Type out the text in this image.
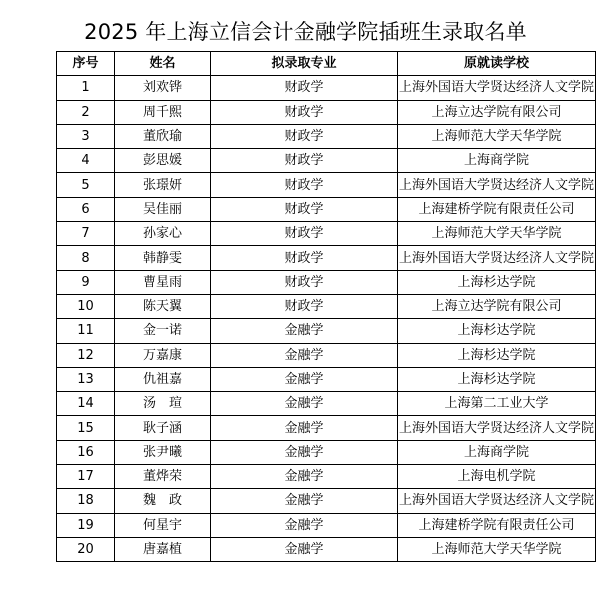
2025 年上海立信会计金融学院插班生录取名单
序号	姓名	拟录取专业	原就读学校
1	刘欢铧	财政学	上海外国语大学贤达经济人文学院
2	周千熙	财政学	上海立达学院有限公司
3	董欣瑜	财政学	上海师范大学天华学院
4	彭思媛	财政学	上海商学院
5	张璟妍	财政学	上海外国语大学贤达经济人文学院
6	吴佳丽	财政学	上海建桥学院有限责任公司
7	孙家心	财政学	上海师范大学天华学院
8	韩静雯	财政学	上海外国语大学贤达经济人文学院
9	曹星雨	财政学	上海杉达学院
10	陈天翼	财政学	上海立达学院有限公司
11	金一诺	金融学	上海杉达学院
12	万嘉康	金融学	上海杉达学院
13	仇祖嘉	金融学	上海杉达学院
14	汤　瑄	金融学	上海第二工业大学
15	耿子涵	金融学	上海外国语大学贤达经济人文学院
16	张尹曦	金融学	上海商学院
17	董烨荣	金融学	上海电机学院
18	魏　政	金融学	上海外国语大学贤达经济人文学院
19	何星宇	金融学	上海建桥学院有限责任公司
20	唐嘉植	金融学	上海师范大学天华学院
